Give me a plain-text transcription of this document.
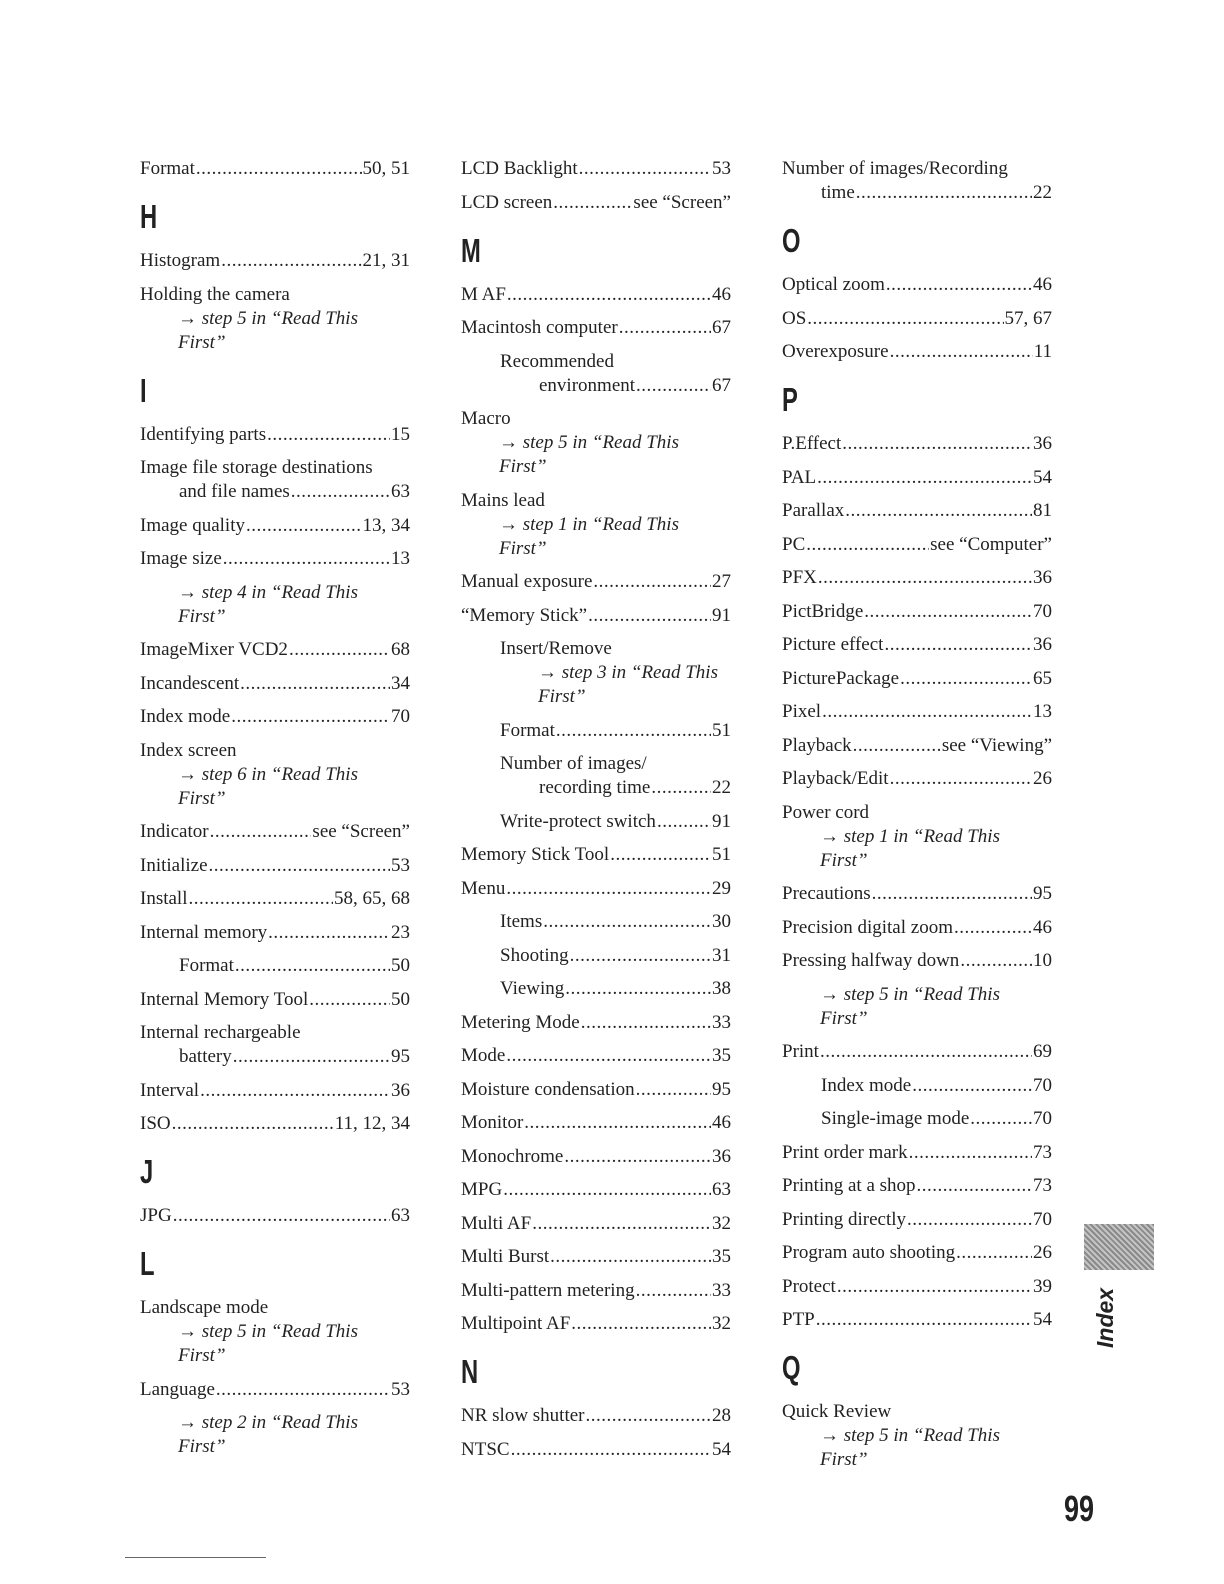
Format .....	50, 51
H
Histogram .....	21, 31
Holding the camera
→ step 5 in “Read This
First”
I
Identifying parts .....	15
Image file storage destinations
and file names .....	63
Image quality .....	13, 34
Image size .....	13
→ step 4 in “Read This
First”
ImageMixer VCD2 .....	68
Incandescent .....	34
Index mode .....	70
Index screen
→ step 6 in “Read This
First”
Indicator .....	see “Screen”
Initialize .....	53
Install .....	58, 65, 68
Internal memory .....	23
Format .....	50
Internal Memory Tool .....	50
Internal rechargeable
battery .....	95
Interval .....	36
ISO .....	11, 12, 34
J
JPG .....	63
L
Landscape mode
→ step 5 in “Read This
First”
Language .....	53
→ step 2 in “Read This
First”
LCD Backlight .....	53
LCD screen .....	see “Screen”
M
M AF .....	46
Macintosh computer .....	67
Recommended
environment .....	67
Macro
→ step 5 in “Read This
First”
Mains lead
→ step 1 in “Read This
First”
Manual exposure .....	27
“Memory Stick” .....	91
Insert/Remove
→ step 3 in “Read This
First”
Format .....	51
Number of images/
recording time .....	22
Write-protect switch .....	91
Memory Stick Tool .....	51
Menu .....	29
Items .....	30
Shooting .....	31
Viewing .....	38
Metering Mode .....	33
Mode .....	35
Moisture condensation .....	95
Monitor .....	46
Monochrome .....	36
MPG .....	63
Multi AF .....	32
Multi Burst .....	35
Multi-pattern metering .....	33
Multipoint AF .....	32
N
NR slow shutter .....	28
NTSC .....	54
Number of images/Recording
time .....	22
O
Optical zoom .....	46
OS .....	57, 67
Overexposure .....	11
P
P.Effect .....	36
PAL .....	54
Parallax .....	81
PC .....	see “Computer”
PFX .....	36
PictBridge .....	70
Picture effect .....	36
PicturePackage .....	65
Pixel .....	13
Playback .....	see “Viewing”
Playback/Edit .....	26
Power cord
→ step 1 in “Read This
First”
Precautions .....	95
Precision digital zoom .....	46
Pressing halfway down .....	10
→ step 5 in “Read This
First”
Print .....	69
Index mode .....	70
Single-image mode .....	70
Print order mark .....	73
Printing at a shop .....	73
Printing directly .....	70
Program auto shooting .....	26
Protect .....	39
PTP .....	54
Q
Quick Review
→ step 5 in “Read This
First”
Index
99
